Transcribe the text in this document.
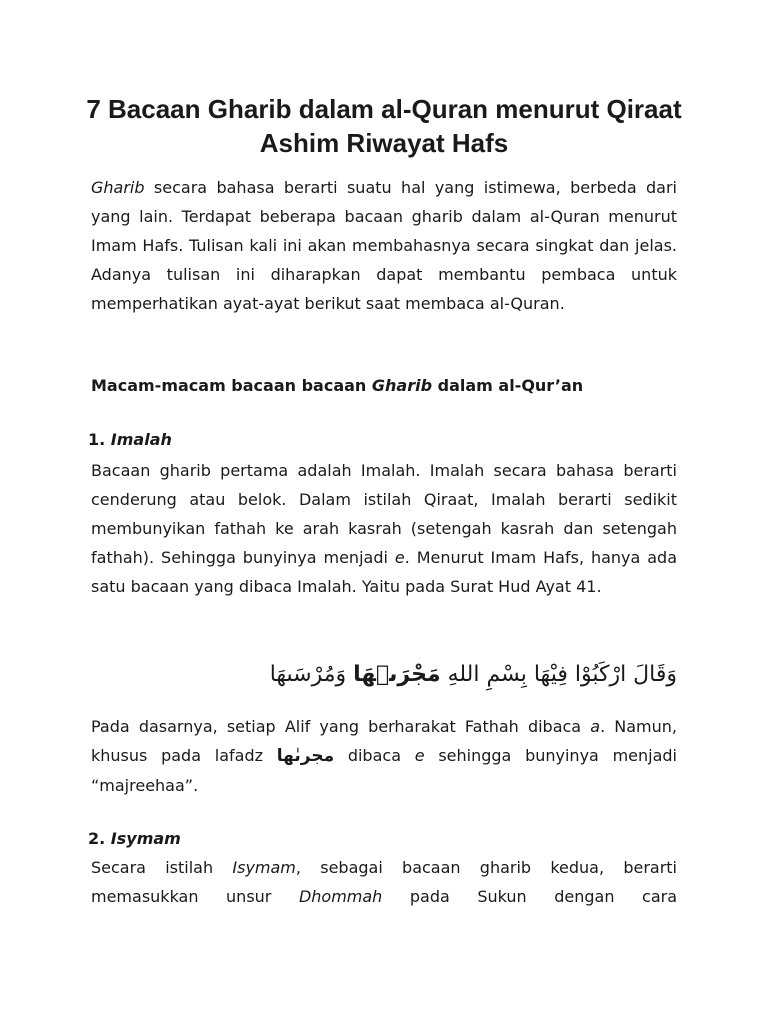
7 Bacaan Gharib dalam al-Quran menurut Qiraat Ashim Riwayat Hafs

Gharib secara bahasa berarti suatu hal yang istimewa, berbeda dari yang lain. Terdapat beberapa bacaan gharib dalam al-Quran menurut Imam Hafs. Tulisan kali ini akan membahasnya secara singkat dan jelas. Adanya tulisan ini diharapkan dapat membantu pembaca untuk memperhatikan ayat-ayat berikut saat membaca al-Quran.

Macam-macam bacaan bacaan Gharib dalam al-Qur’an

1. Imalah

Bacaan gharib pertama adalah Imalah. Imalah secara bahasa berarti cenderung atau belok. Dalam istilah Qiraat, Imalah berarti sedikit membunyikan fathah ke arah kasrah (setengah kasrah dan setengah fathah). Sehingga bunyinya menjadi e. Menurut Imam Hafs, hanya ada satu bacaan yang dibaca Imalah. Yaitu pada Surat Hud Ayat 41.

وَقَالَ ارْكَبُوْا فِيْهَا بِسْمِ اللهِ مَجْرَىٖهَا وَمُرْسَىهَا

Pada dasarnya, setiap Alif yang berharakat Fathah dibaca a. Namun, khusus pada lafadz مجرىٰها dibaca e sehingga bunyinya menjadi “majreehaa”.

2. Isymam

Secara istilah Isymam, sebagai bacaan gharib kedua, berarti memasukkan unsur Dhommah pada Sukun dengan cara
